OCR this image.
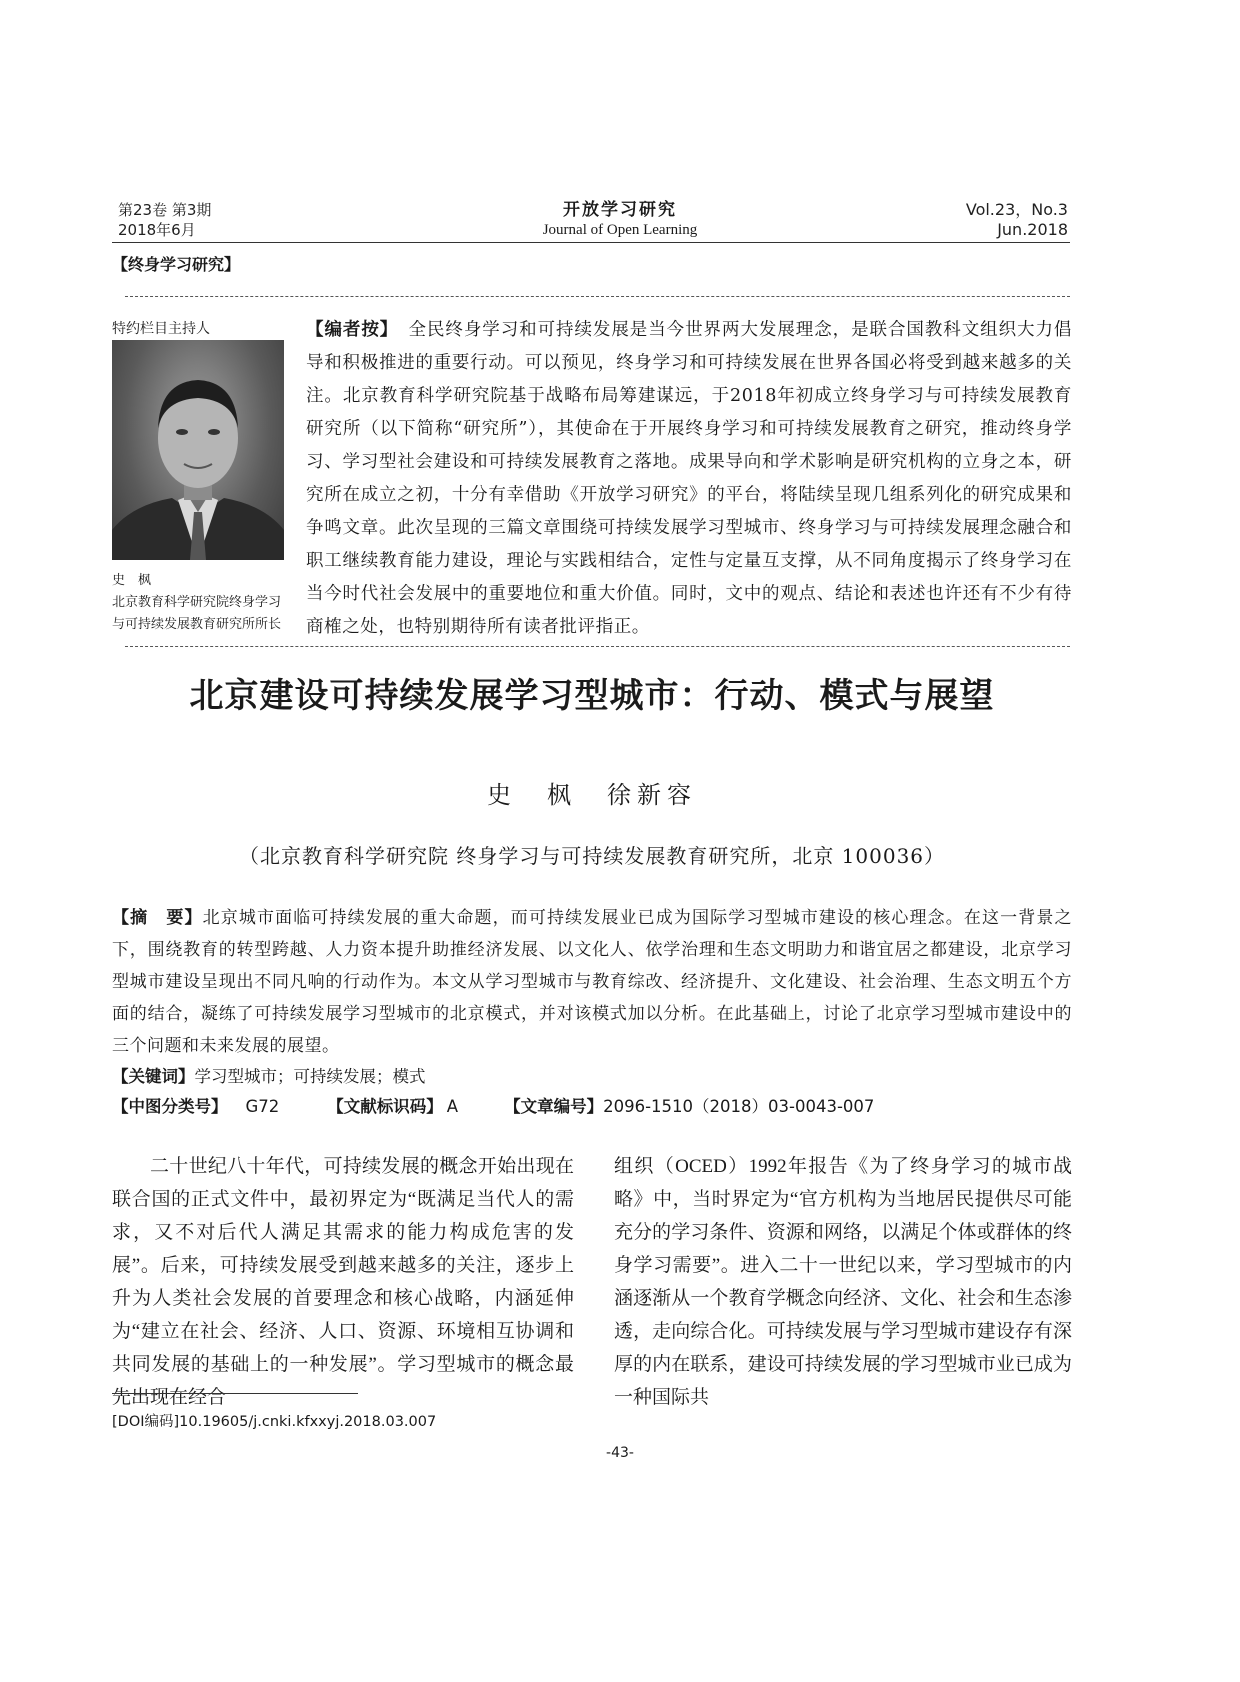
第23卷 第3期
2018年6月
开放学习研究
Journal of Open Learning
Vol.23，No.3
Jun.2018
【终身学习研究】
特约栏目主持人
史　枫
北京教育科学研究院终身学习
与可持续发展教育研究所所长
【编者按】 全民终身学习和可持续发展是当今世界两大发展理念，是联合国教科文组织大力倡导和积极推进的重要行动。可以预见，终身学习和可持续发展在世界各国必将受到越来越多的关注。北京教育科学研究院基于战略布局筹建谋远，于2018年初成立终身学习与可持续发展教育研究所（以下简称“研究所”），其使命在于开展终身学习和可持续发展教育之研究，推动终身学习、学习型社会建设和可持续发展教育之落地。成果导向和学术影响是研究机构的立身之本，研究所在成立之初，十分有幸借助《开放学习研究》的平台，将陆续呈现几组系列化的研究成果和争鸣文章。此次呈现的三篇文章围绕可持续发展学习型城市、终身学习与可持续发展理念融合和职工继续教育能力建设，理论与实践相结合，定性与定量互支撑，从不同角度揭示了终身学习在当今时代社会发展中的重要地位和重大价值。同时，文中的观点、结论和表述也许还有不少有待商榷之处，也特别期待所有读者批评指正。
北京建设可持续发展学习型城市：行动、模式与展望
史　枫　徐新容
（北京教育科学研究院 终身学习与可持续发展教育研究所，北京 100036）
【摘　要】北京城市面临可持续发展的重大命题，而可持续发展业已成为国际学习型城市建设的核心理念。在这一背景之下，围绕教育的转型跨越、人力资本提升助推经济发展、以文化人、依学治理和生态文明助力和谐宜居之都建设，北京学习型城市建设呈现出不同凡响的行动作为。本文从学习型城市与教育综改、经济提升、文化建设、社会治理、生态文明五个方面的结合，凝练了可持续发展学习型城市的北京模式，并对该模式加以分析。在此基础上，讨论了北京学习型城市建设中的三个问题和未来发展的展望。
【关键词】学习型城市；可持续发展；模式
【中图分类号】 G72	【文献标识码】 A	【文章编号】2096-1510（2018）03-0043-007
二十世纪八十年代，可持续发展的概念开始出现在联合国的正式文件中，最初界定为“既满足当代人的需求，又不对后代人满足其需求的能力构成危害的发展”。后来，可持续发展受到越来越多的关注，逐步上升为人类社会发展的首要理念和核心战略，内涵延伸为“建立在社会、经济、人口、资源、环境相互协调和共同发展的基础上的一种发展”。学习型城市的概念最先出现在经合
组织（OCED）1992年报告《为了终身学习的城市战略》中，当时界定为“官方机构为当地居民提供尽可能充分的学习条件、资源和网络，以满足个体或群体的终身学习需要”。进入二十一世纪以来，学习型城市的内涵逐渐从一个教育学概念向经济、文化、社会和生态渗透，走向综合化。可持续发展与学习型城市建设存有深厚的内在联系，建设可持续发展的学习型城市业已成为一种国际共
[DOI编码]10.19605/j.cnki.kfxxyj.2018.03.007
-43-
